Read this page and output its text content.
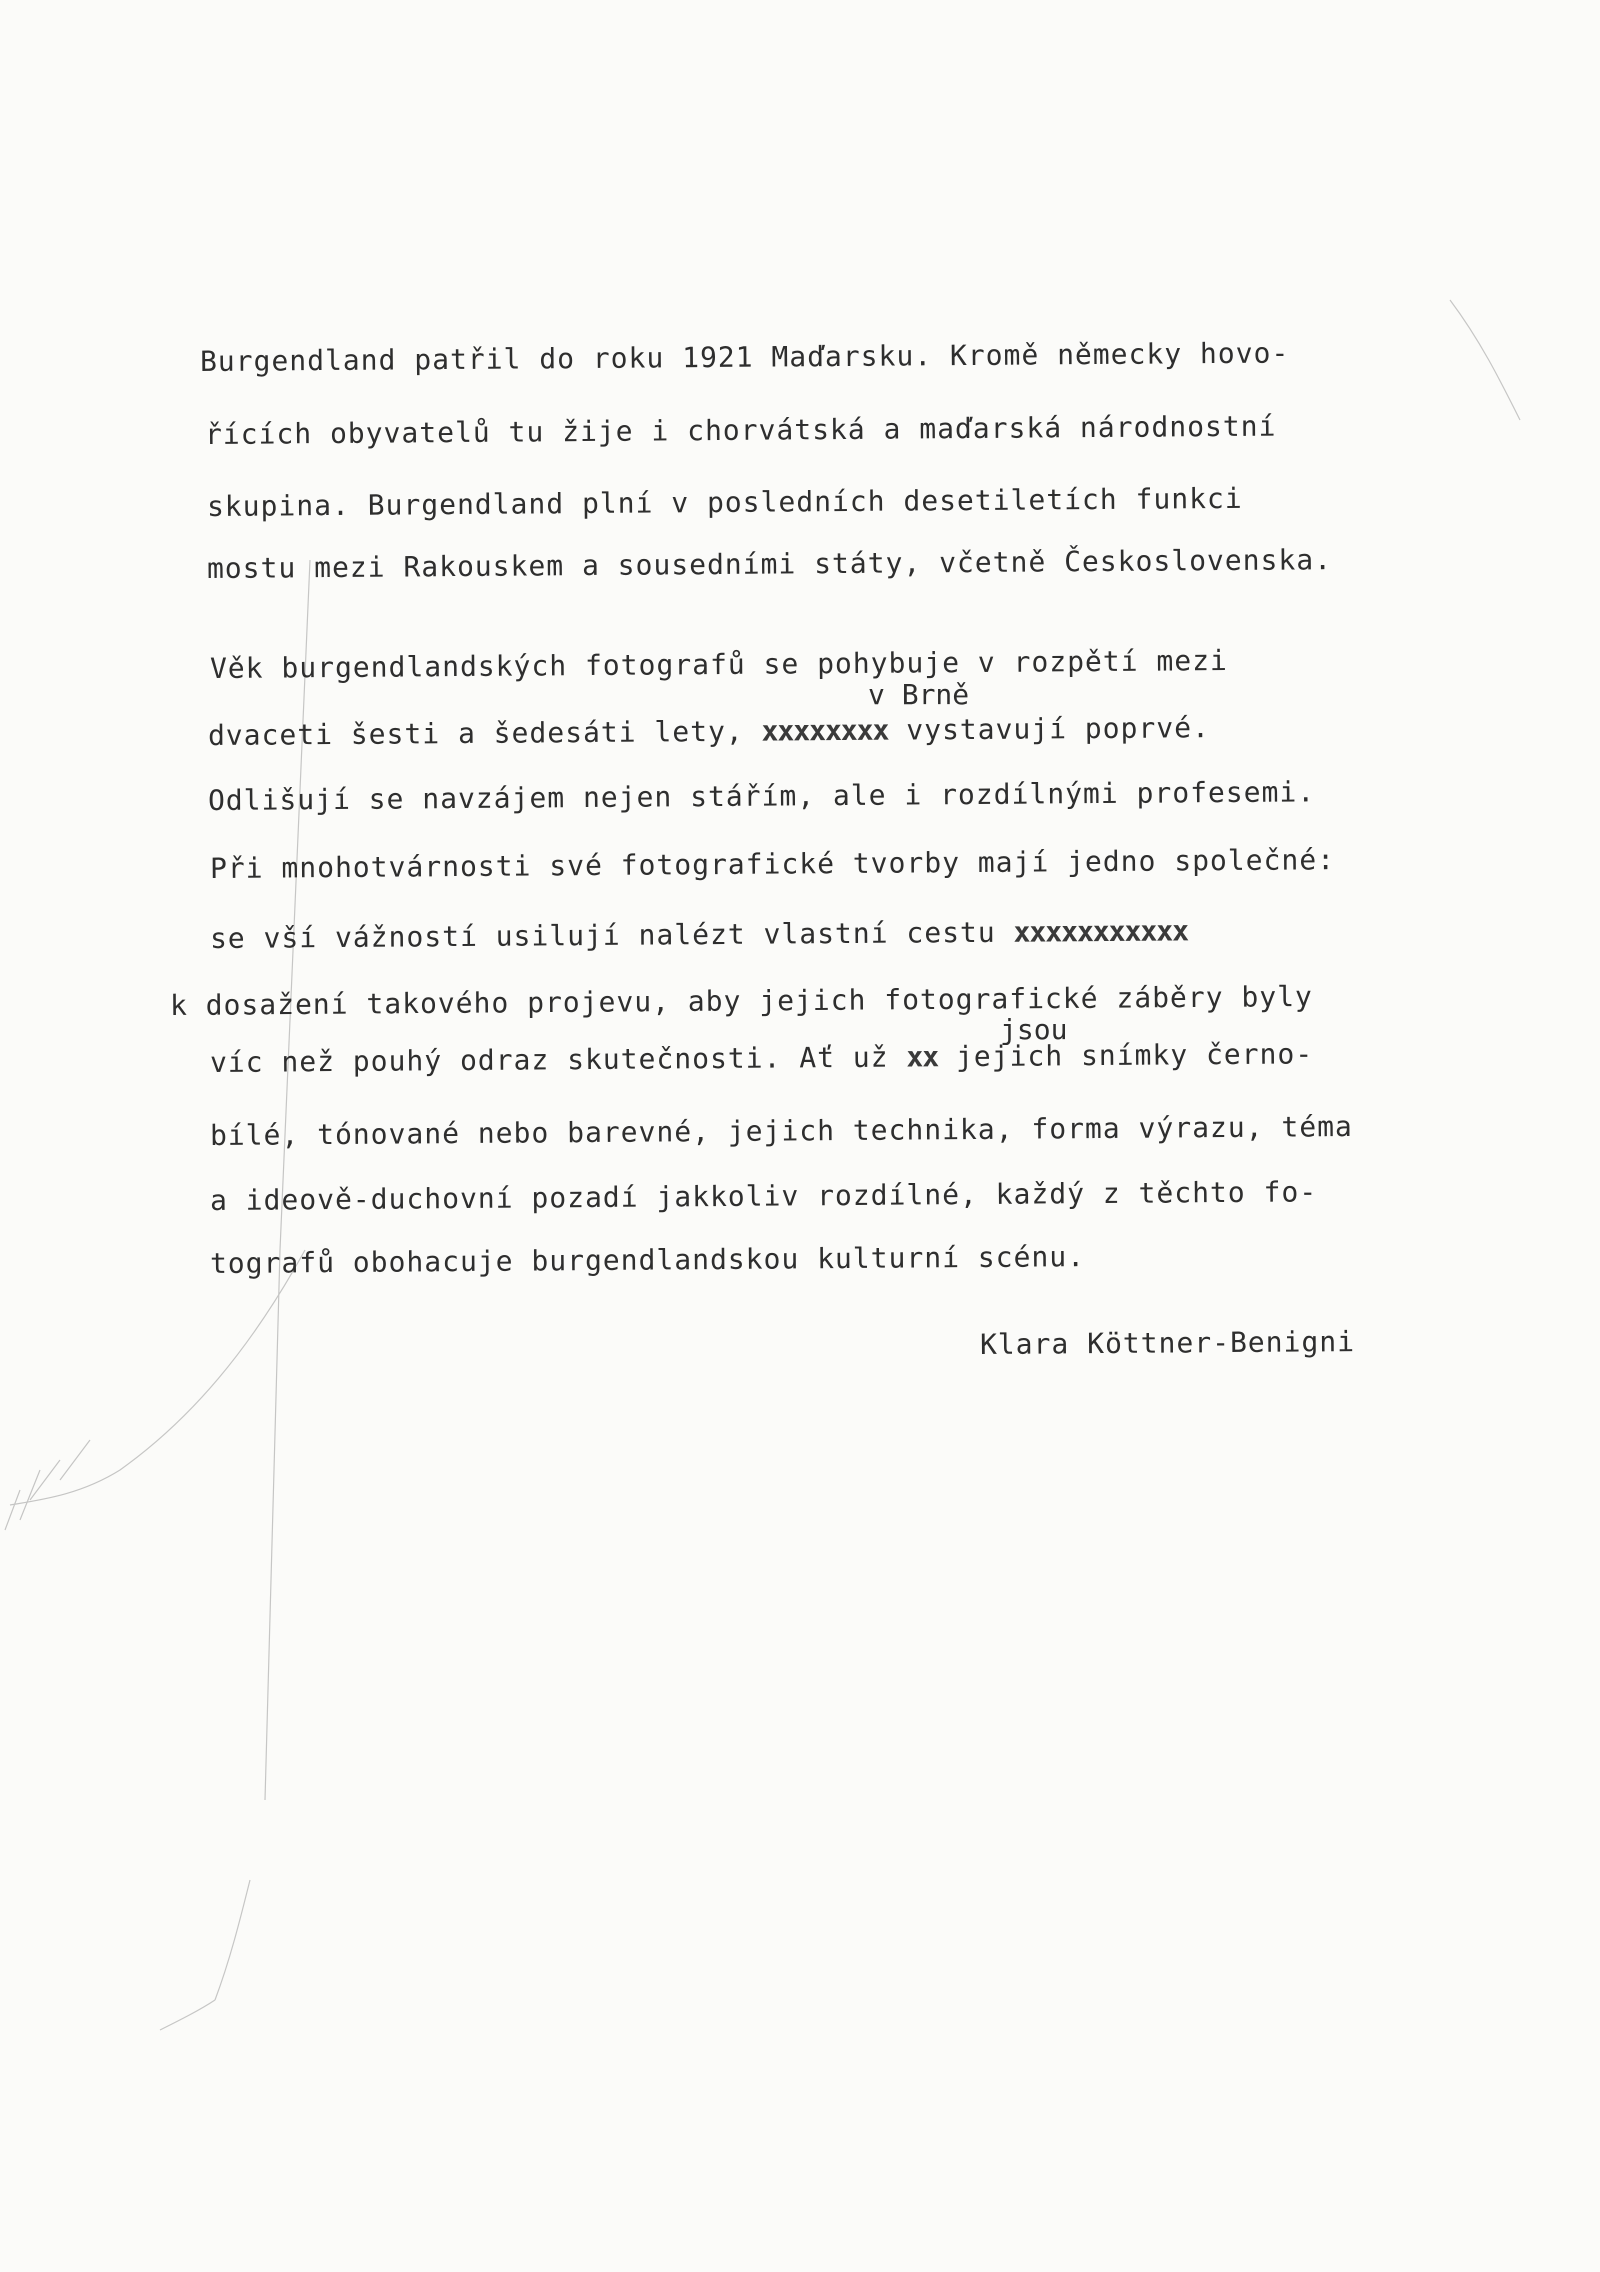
Burgendland patřil do roku 1921 Maďarsku. Kromě německy hovo-
řících obyvatelů tu žije i chorvátská a maďarská národnostní
skupina. Burgendland plní v posledních desetiletích funkci
mostu mezi Rakouskem a sousedními státy, včetně Československa.
Věk burgendlandských fotografů se pohybuje v rozpětí mezi
v Brně
dvaceti šesti a šedesáti lety, xxxxxxxx vystavují poprvé.
Odlišují se navzájem nejen stářím, ale i rozdílnými profesemi.
Při mnohotvárnosti své fotografické tvorby mají jedno společné:
se vší vážností usilují nalézt vlastní cestu xxxxxxxxxxx
k dosažení takového projevu, aby jejich fotografické záběry byly
jsou
víc než pouhý odraz skutečnosti. Ať už xx jejich snímky černo-
bílé, tónované nebo barevné, jejich technika, forma výrazu, téma
a ideově-duchovní pozadí jakkoliv rozdílné, každý z těchto fo-
tografů obohacuje burgendlandskou kulturní scénu.
Klara Köttner-Benigni
